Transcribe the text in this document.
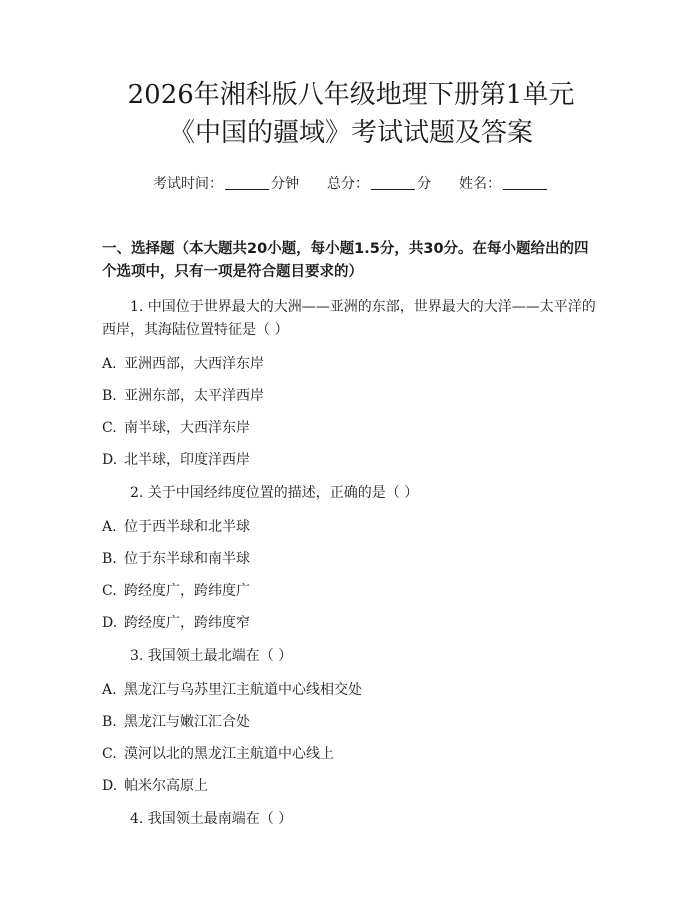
2026年湘科版八年级地理下册第1单元《中国的疆域》考试试题及答案
考试时间：	分钟 总分：	分 姓名：
一、选择题（本大题共20小题，每小题1.5分，共30分。在每小题给出的四个选项中，只有一项是符合题目要求的）
1. 中国位于世界最大的大洲——亚洲的东部，世界最大的大洋——太平洋的西岸，其海陆位置特征是（ ）
A. 亚洲西部，大西洋东岸
B. 亚洲东部，太平洋西岸
C. 南半球，大西洋东岸
D. 北半球，印度洋西岸
2. 关于中国经纬度位置的描述，正确的是（ ）
A. 位于西半球和北半球
B. 位于东半球和南半球
C. 跨经度广，跨纬度广
D. 跨经度广，跨纬度窄
3. 我国领土最北端在（ ）
A. 黑龙江与乌苏里江主航道中心线相交处
B. 黑龙江与嫩江汇合处
C. 漠河以北的黑龙江主航道中心线上
D. 帕米尔高原上
4. 我国领土最南端在（ ）
